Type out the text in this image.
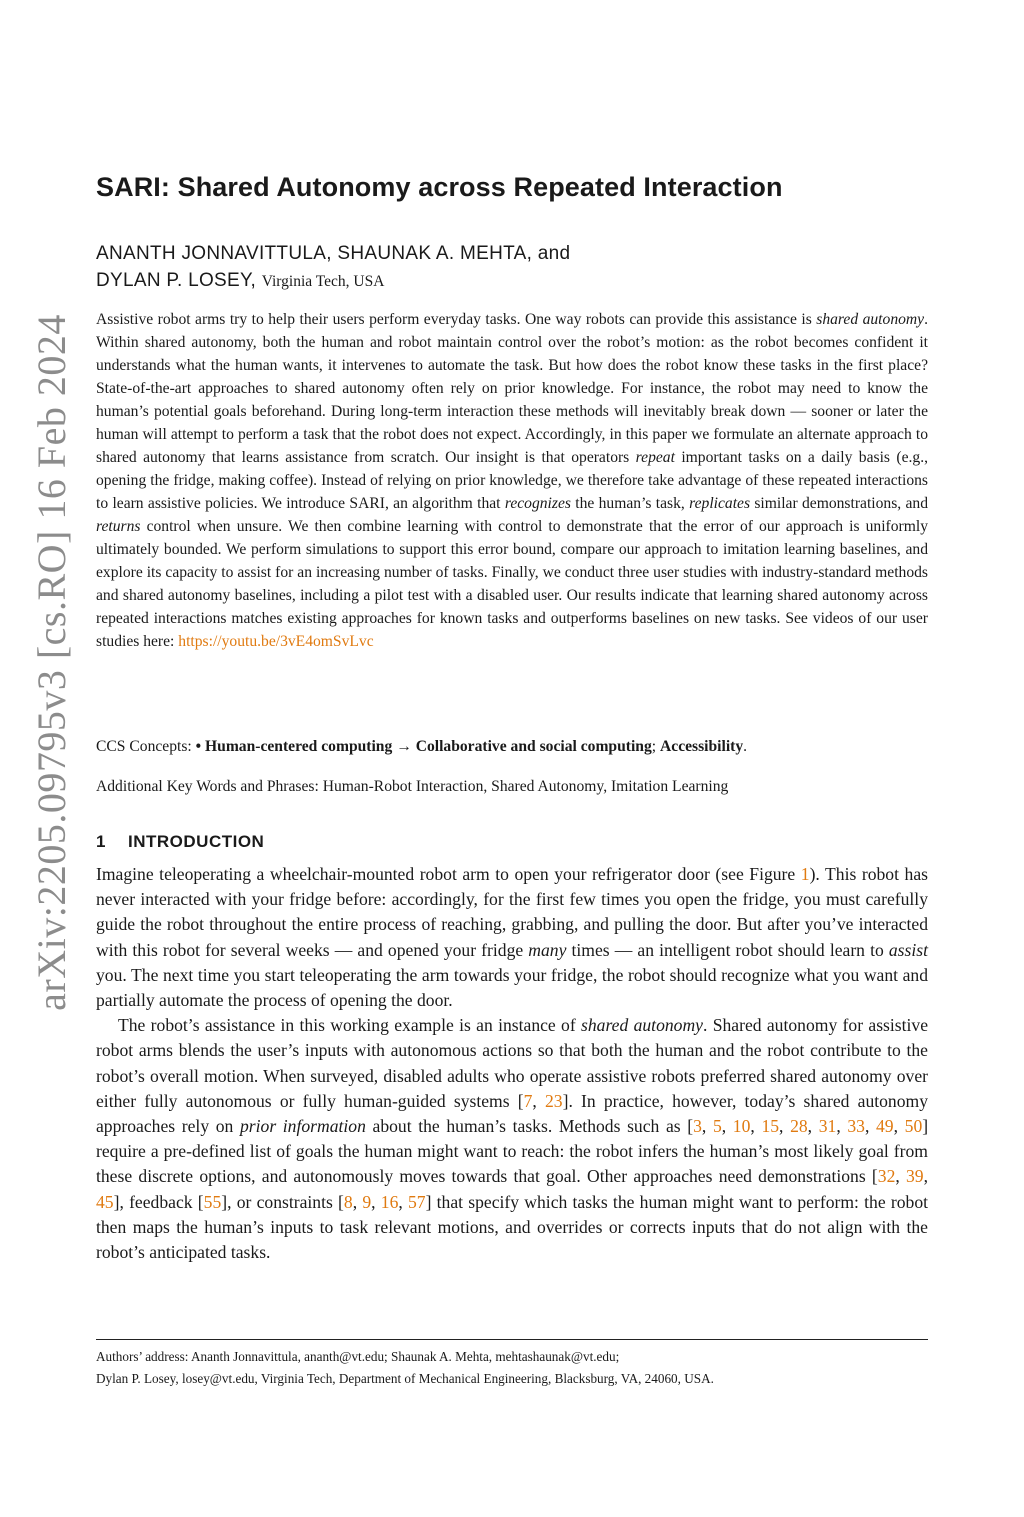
arXiv:2205.09795v3 [cs.RO] 16 Feb 2024
SARI: Shared Autonomy across Repeated Interaction
ANANTH JONNAVITTULA, SHAUNAK A. MEHTA, and
DYLAN P. LOSEY, Virginia Tech, USA

Assistive robot arms try to help their users perform everyday tasks. One way robots can provide this assistance is shared autonomy. Within shared autonomy, both the human and robot maintain control over the robot’s motion: as the robot becomes confident it understands what the human wants, it intervenes to automate the task. But how does the robot know these tasks in the first place? State-of-the-art approaches to shared autonomy often rely on prior knowledge. For instance, the robot may need to know the human’s potential goals beforehand. During long-term interaction these methods will inevitably break down — sooner or later the human will attempt to perform a task that the robot does not expect. Accordingly, in this paper we formulate an alternate approach to shared autonomy that learns assistance from scratch. Our insight is that operators repeat important tasks on a daily basis (e.g., opening the fridge, making coffee). Instead of relying on prior knowledge, we therefore take advantage of these repeated interactions to learn assistive policies. We introduce SARI, an algorithm that recognizes the human’s task, replicates similar demonstrations, and returns control when unsure. We then combine learning with control to demonstrate that the error of our approach is uniformly ultimately bounded. We perform simulations to support this error bound, compare our approach to imitation learning baselines, and explore its capacity to assist for an increasing number of tasks. Finally, we conduct three user studies with industry-standard methods and shared autonomy baselines, including a pilot test with a disabled user. Our results indicate that learning shared autonomy across repeated interactions matches existing approaches for known tasks and outperforms baselines on new tasks. See videos of our user studies here: https://youtu.be/3vE4omSvLvc

CCS Concepts: • Human-centered computing → Collaborative and social computing; Accessibility.

Additional Key Words and Phrases: Human-Robot Interaction, Shared Autonomy, Imitation Learning

1 INTRODUCTION

Imagine teleoperating a wheelchair-mounted robot arm to open your refrigerator door (see Figure 1). This robot has never interacted with your fridge before: accordingly, for the first few times you open the fridge, you must carefully guide the robot throughout the entire process of reaching, grabbing, and pulling the door. But after you’ve interacted with this robot for several weeks — and opened your fridge many times — an intelligent robot should learn to assist you. The next time you start teleoperating the arm towards your fridge, the robot should recognize what you want and partially automate the process of opening the door.

The robot’s assistance in this working example is an instance of shared autonomy. Shared autonomy for assistive robot arms blends the user’s inputs with autonomous actions so that both the human and the robot contribute to the robot’s overall motion. When surveyed, disabled adults who operate assistive robots preferred shared autonomy over either fully autonomous or fully human-guided systems [7, 23]. In practice, however, today’s shared autonomy approaches rely on prior information about the human’s tasks. Methods such as [3, 5, 10, 15, 28, 31, 33, 49, 50] require a pre-defined list of goals the human might want to reach: the robot infers the human’s most likely goal from these discrete options, and autonomously moves towards that goal. Other approaches need demonstrations [32, 39, 45], feedback [55], or constraints [8, 9, 16, 57] that specify which tasks the human might want to perform: the robot then maps the human’s inputs to task relevant motions, and overrides or corrects inputs that do not align with the robot’s anticipated tasks.

Authors’ address: Ananth Jonnavittula, ananth@vt.edu; Shaunak A. Mehta, mehtashaunak@vt.edu;
Dylan P. Losey, losey@vt.edu, Virginia Tech, Department of Mechanical Engineering, Blacksburg, VA, 24060, USA.
